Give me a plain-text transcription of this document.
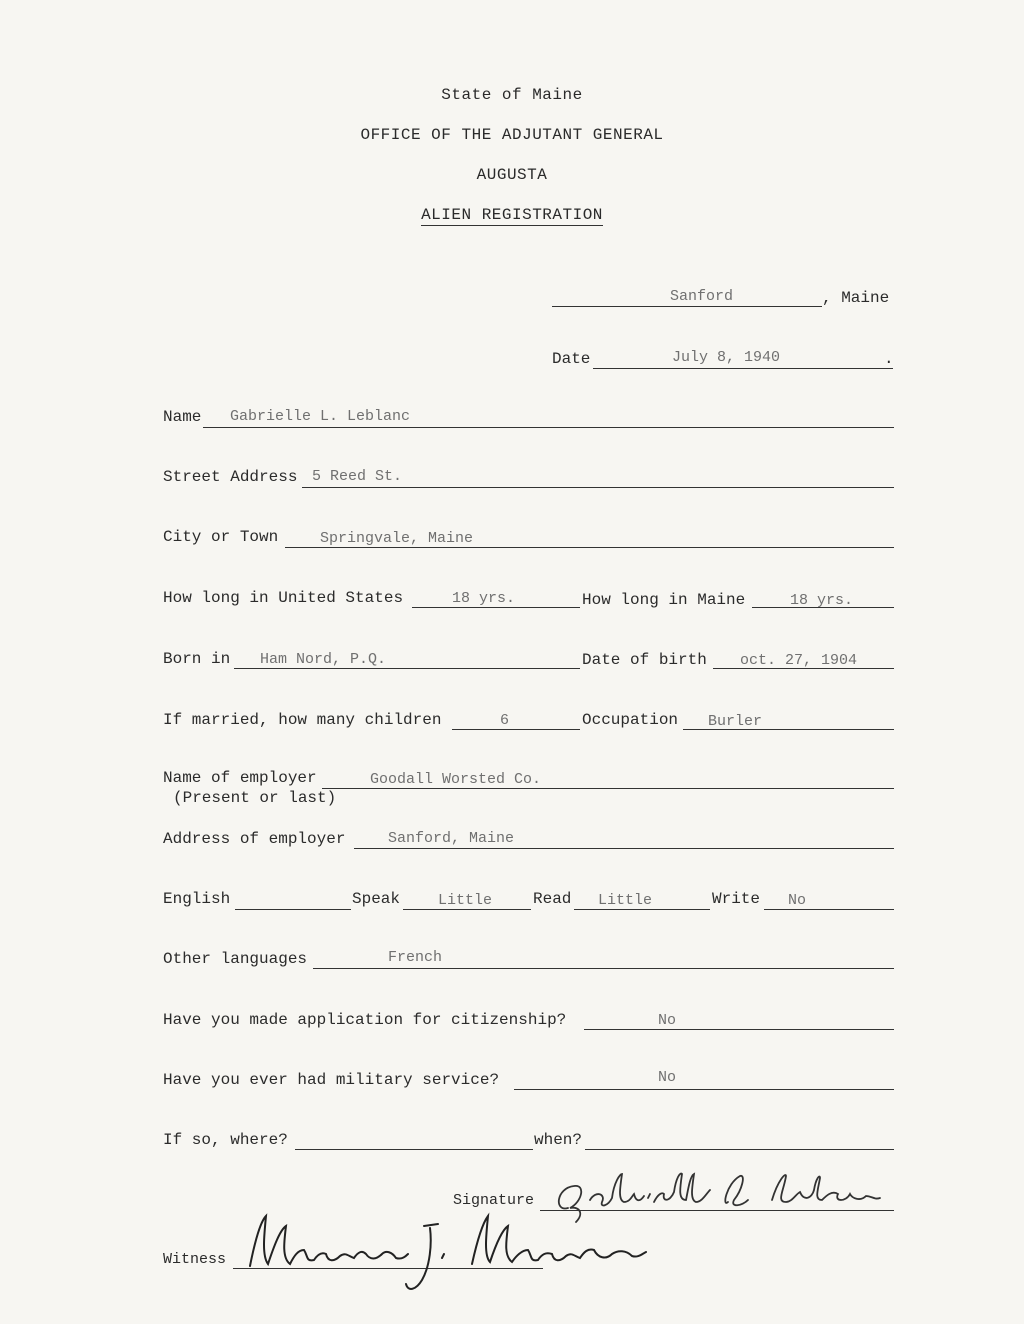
State of Maine
OFFICE OF THE ADJUTANT GENERAL
AUGUSTA
ALIEN REGISTRATION
Sanford	, Maine
Date	July 8, 1940	.
Name Gabrielle L. Leblanc
Street Address 5 Reed St.
City or Town	Springvale, Maine
How long in United States	18 yrs.	How long in Maine	18 yrs.
Born in Ham Nord, P.Q.	Date of birth oct. 27, 1904
If married, how many children	6	Occupation Burler
Name of employer	Goodall Worsted Co.
(Present or last)
Address of employer	Sanford, Maine
English	Speak	Little	Read Little	Write No
Other languages	French
Have you made application for citizenship?	No
Have you ever had military service?	No
If so, where?	when?
Signature
Witness
